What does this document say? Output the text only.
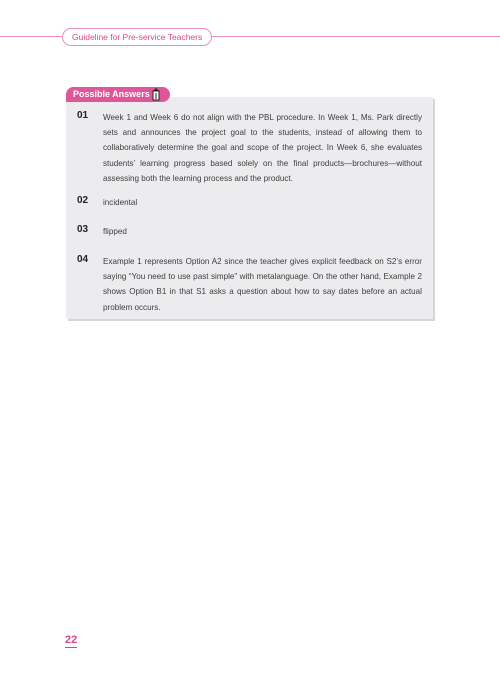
Guideline for Pre-service Teachers
Possible Answers
01 Week 1 and Week 6 do not align with the PBL procedure. In Week 1, Ms. Park directly sets and announces the project goal to the students, instead of allowing them to collaboratively determine the goal and scope of the project. In Week 6, she evaluates students’ learning progress based solely on the final products—brochures—without assessing both the learning process and the product.
02 incidental
03 flipped
04 Example 1 represents Option A2 since the teacher gives explicit feedback on S2’s error saying “You need to use past simple” with metalanguage. On the other hand, Example 2 shows Option B1 in that S1 asks a question about how to say dates before an actual problem occurs.
22
